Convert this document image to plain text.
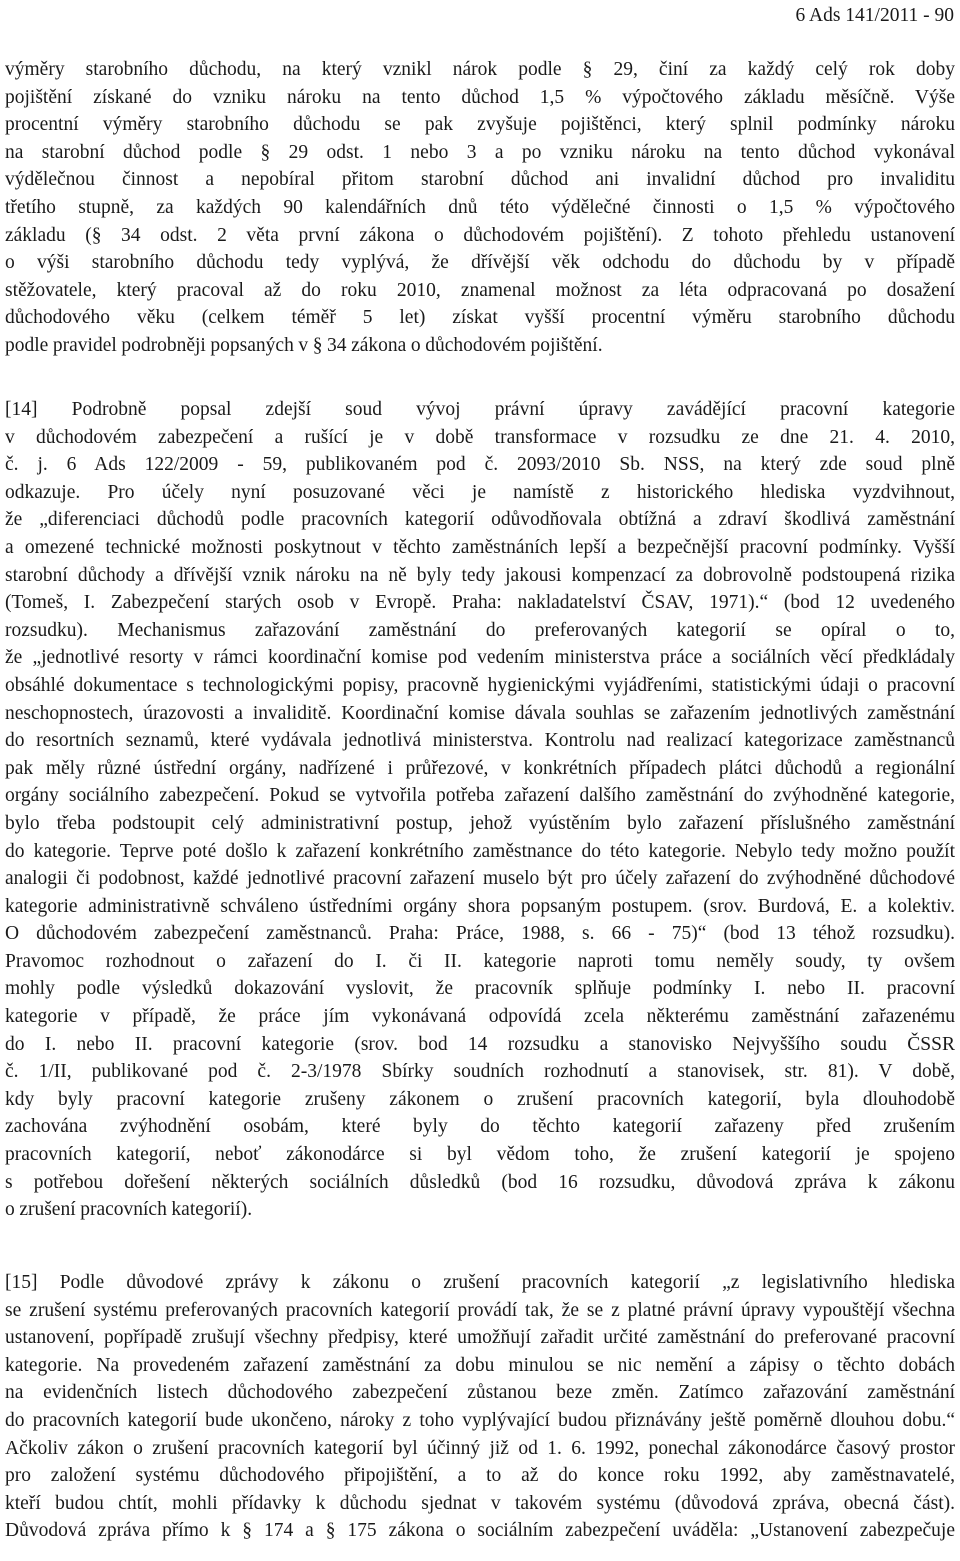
6 Ads 141/2011 - 90
výměry starobního důchodu, na který vznikl nárok podle § 29, činí za každý celý rok doby
pojištění získané do vzniku nároku na tento důchod 1,5 % výpočtového základu měsíčně. Výše
procentní výměry starobního důchodu se pak zvyšuje pojištěnci, který splnil podmínky nároku
na starobní důchod podle § 29 odst. 1 nebo 3 a po vzniku nároku na tento důchod vykonával
výdělečnou činnost a nepobíral přitom starobní důchod ani invalidní důchod pro invaliditu
třetího stupně, za každých 90 kalendářních dnů této výdělečné činnosti o 1,5 % výpočtového
základu (§ 34 odst. 2 věta první zákona o důchodovém pojištění). Z tohoto přehledu ustanovení
o výši starobního důchodu tedy vyplývá, že dřívější věk odchodu do důchodu by v případě
stěžovatele, který pracoval až do roku 2010, znamenal možnost za léta odpracovaná po dosažení
důchodového věku (celkem téměř 5 let) získat vyšší procentní výměru starobního důchodu
podle pravidel podrobněji popsaných v § 34 zákona o důchodovém pojištění.
[14] Podrobně popsal zdejší soud vývoj právní úpravy zavádějící pracovní kategorie
v důchodovém zabezpečení a rušící je v době transformace v rozsudku ze dne 21. 4. 2010,
č. j. 6 Ads 122/2009 - 59, publikovaném pod č. 2093/2010 Sb. NSS, na který zde soud plně
odkazuje. Pro účely nyní posuzované věci je namístě z historického hlediska vyzdvihnout,
že „diferenciaci důchodů podle pracovních kategorií odůvodňovala obtížná a zdraví škodlivá zaměstnání
a omezené technické možnosti poskytnout v těchto zaměstnáních lepší a bezpečnější pracovní podmínky. Vyšší
starobní důchody a dřívější vznik nároku na ně byly tedy jakousi kompenzací za dobrovolně podstoupená rizika
(Tomeš, I. Zabezpečení starých osob v Evropě. Praha: nakladatelství ČSAV, 1971).“ (bod 12 uvedeného
rozsudku). Mechanismus zařazování zaměstnání do preferovaných kategorií se opíral o to,
že „jednotlivé resorty v rámci koordinační komise pod vedením ministerstva práce a sociálních věcí předkládaly
obsáhlé dokumentace s technologickými popisy, pracovně hygienickými vyjádřeními, statistickými údaji o pracovní
neschopnostech, úrazovosti a invaliditě. Koordinační komise dávala souhlas se zařazením jednotlivých zaměstnání
do resortních seznamů, které vydávala jednotlivá ministerstva. Kontrolu nad realizací kategorizace zaměstnanců
pak měly různé ústřední orgány, nadřízené i průřezové, v konkrétních případech plátci důchodů a regionální
orgány sociálního zabezpečení. Pokud se vytvořila potřeba zařazení dalšího zaměstnání do zvýhodněné kategorie,
bylo třeba podstoupit celý administrativní postup, jehož vyústěním bylo zařazení příslušného zaměstnání
do kategorie. Teprve poté došlo k zařazení konkrétního zaměstnance do této kategorie. Nebylo tedy možno použít
analogii či podobnost, každé jednotlivé pracovní zařazení muselo být pro účely zařazení do zvýhodněné důchodové
kategorie administrativně schváleno ústředními orgány shora popsaným postupem. (srov. Burdová, E. a kolektiv.
O důchodovém zabezpečení zaměstnanců. Praha: Práce, 1988, s. 66 - 75)“ (bod 13 téhož rozsudku).
Pravomoc rozhodnout o zařazení do I. či II. kategorie naproti tomu neměly soudy, ty ovšem
mohly podle výsledků dokazování vyslovit, že pracovník splňuje podmínky I. nebo II. pracovní
kategorie v případě, že práce jím vykonávaná odpovídá zcela některému zaměstnání zařazenému
do I. nebo II. pracovní kategorie (srov. bod 14 rozsudku a stanovisko Nejvyššího soudu ČSSR
č. 1/II, publikované pod č. 2-3/1978 Sbírky soudních rozhodnutí a stanovisek, str. 81). V době,
kdy byly pracovní kategorie zrušeny zákonem o zrušení pracovních kategorií, byla dlouhodobě
zachována zvýhodnění osobám, které byly do těchto kategorií zařazeny před zrušením
pracovních kategorií, neboť zákonodárce si byl vědom toho, že zrušení kategorií je spojeno
s potřebou dořešení některých sociálních důsledků (bod 16 rozsudku, důvodová zpráva k zákonu
o zrušení pracovních kategorií).
[15] Podle důvodové zprávy k zákonu o zrušení pracovních kategorií „z legislativního hlediska
se zrušení systému preferovaných pracovních kategorií provádí tak, že se z platné právní úpravy vypouštějí všechna
ustanovení, popřípadě zrušují všechny předpisy, které umožňují zařadit určité zaměstnání do preferované pracovní
kategorie. Na provedeném zařazení zaměstnání za dobu minulou se nic nemění a zápisy o těchto dobách
na evidenčních listech důchodového zabezpečení zůstanou beze změn. Zatímco zařazování zaměstnání
do pracovních kategorií bude ukončeno, nároky z toho vyplývající budou přiznávány ještě poměrně dlouhou dobu.“
Ačkoliv zákon o zrušení pracovních kategorií byl účinný již od 1. 6. 1992, ponechal zákonodárce časový prostor
pro založení systému důchodového připojištění, a to až do konce roku 1992, aby zaměstnavatelé,
kteří budou chtít, mohli přídavky k důchodu sjednat v takovém systému (důvodová zpráva, obecná část).
Důvodová zpráva přímo k § 174 a § 175 zákona o sociálním zabezpečení uváděla: „Ustanovení zabezpečuje
